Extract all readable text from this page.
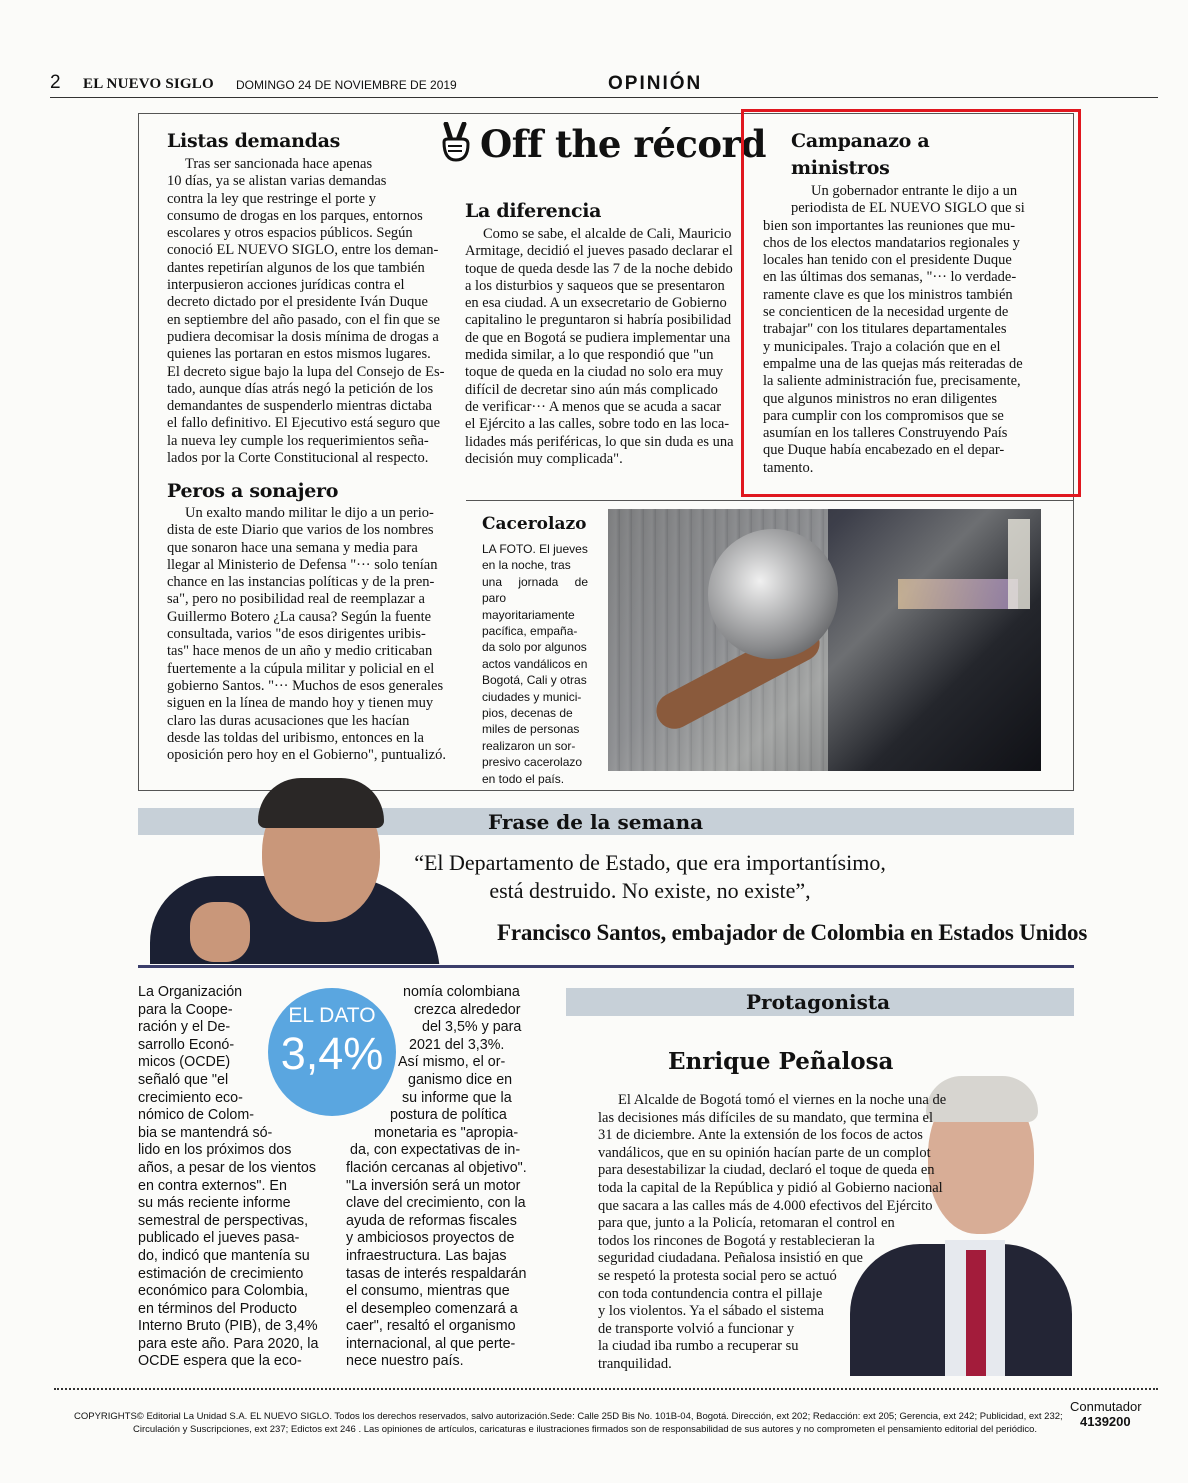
2 EL NUEVO SIGLO DOMINGO 24 DE NOVIEMBRE DE 2019	OPINIÓN
Off the récord
Listas demandas
Tras ser sancionada hace apenas
10 días, ya se alistan varias demandas
contra la ley que restringe el porte y
consumo de drogas en los parques, entornos
escolares y otros espacios públicos. Según
conoció EL NUEVO SIGLO, entre los deman-
dantes repetirían algunos de los que también
interpusieron acciones jurídicas contra el
decreto dictado por el presidente Iván Duque
en septiembre del año pasado, con el fin que se
pudiera decomisar la dosis mínima de drogas a
quienes las portaran en estos mismos lugares.
El decreto sigue bajo la lupa del Consejo de Es-
tado, aunque días atrás negó la petición de los
demandantes de suspenderlo mientras dictaba
el fallo definitivo. El Ejecutivo está seguro que
la nueva ley cumple los requerimientos seña-
lados por la Corte Constitucional al respecto.
Peros a sonajero
Un exalto mando militar le dijo a un perio-
dista de este Diario que varios de los nombres
que sonaron hace una semana y media para
llegar al Ministerio de Defensa "··· solo tenían
chance en las instancias políticas y de la pren-
sa", pero no posibilidad real de reemplazar a
Guillermo Botero ¿La causa? Según la fuente
consultada, varios "de esos dirigentes uribis-
tas" hace menos de un año y medio criticaban
fuertemente a la cúpula militar y policial en el
gobierno Santos. "··· Muchos de esos generales
siguen en la línea de mando hoy y tienen muy
claro las duras acusaciones que les hacían
desde las toldas del uribismo, entonces en la
oposición pero hoy en el Gobierno", puntualizó.
La diferencia
Como se sabe, el alcalde de Cali, Mauricio
Armitage, decidió el jueves pasado declarar el
toque de queda desde las 7 de la noche debido
a los disturbios y saqueos que se presentaron
en esa ciudad. A un exsecretario de Gobierno
capitalino le preguntaron si habría posibilidad
de que en Bogotá se pudiera implementar una
medida similar, a lo que respondió que "un
toque de queda en la ciudad no solo era muy
difícil de decretar sino aún más complicado
de verificar··· A menos que se acuda a sacar
el Ejército a las calles, sobre todo en las loca-
lidades más periféricas, lo que sin duda es una
decisión muy complicada".
Campanazo a
ministros
Un gobernador entrante le dijo a un
periodista de EL NUEVO SIGLO que si
bien son importantes las reuniones que mu-
chos de los electos mandatarios regionales y
locales han tenido con el presidente Duque
en las últimas dos semanas, "··· lo verdade-
ramente clave es que los ministros también
se concienticen de la necesidad urgente de
trabajar" con los titulares departamentales
y municipales. Trajo a colación que en el
empalme una de las quejas más reiteradas de
la saliente administración fue, precisamente,
que algunos ministros no eran diligentes
para cumplir con los compromisos que se
asumían en los talleres Construyendo País
que Duque había encabezado en el depar-
tamento.
Cacerolazo
LA FOTO. El jueves
en la noche, tras
una jornada de paro
mayoritariamente
pacífica, empaña-
da solo por algunos
actos vandálicos en
Bogotá, Cali y otras
ciudades y munici-
pios, decenas de
miles de personas
realizaron un sor-
presivo cacerolazo
en todo el país.
Frase de la semana
“El Departamento de Estado, que era importantísimo,
está destruido. No existe, no existe”,
Francisco Santos, embajador de Colombia en Estados Unidos
La Organización
para la Coope-
ración y el De-
sarrollo Econó-
micos (OCDE)
señaló que "el
crecimiento eco-
nómico de Colom-
bia se mantendrá só-
lido en los próximos dos
años, a pesar de los vientos
en contra externos". En
su más reciente informe
semestral de perspectivas,
publicado el jueves pasa-
do, indicó que mantenía su
estimación de crecimiento
económico para Colombia,
en términos del Producto
Interno Bruto (PIB), de 3,4%
para este año. Para 2020, la
OCDE espera que la eco-
EL DATO
3,4%
nomía colombiana
crezca alrededor
del 3,5% y para
2021 del 3,3%.
Así mismo, el or-
ganismo dice en
su informe que la
postura de política
monetaria es "apropia-
da, con expectativas de in-
flación cercanas al objetivo".
"La inversión será un motor
clave del crecimiento, con la
ayuda de reformas fiscales
y ambiciosos proyectos de
infraestructura. Las bajas
tasas de interés respaldarán
el consumo, mientras que
el desempleo comenzará a
caer", resaltó el organismo
internacional, al que perte-
nece nuestro país.
Protagonista
Enrique Peñalosa
El Alcalde de Bogotá tomó el viernes en la noche una de
las decisiones más difíciles de su mandato, que termina el
31 de diciembre. Ante la extensión de los focos de actos
vandálicos, que en su opinión hacían parte de un complot
para desestabilizar la ciudad, declaró el toque de queda en
toda la capital de la República y pidió al Gobierno nacional
que sacara a las calles más de 4.000 efectivos del Ejército
para que, junto a la Policía, retomaran el control en
todos los rincones de Bogotá y restablecieran la
seguridad ciudadana. Peñalosa insistió en que
se respetó la protesta social pero se actuó
con toda contundencia contra el pillaje
y los violentos. Ya el sábado el sistema
de transporte volvió a funcionar y
la ciudad iba rumbo a recuperar su
tranquilidad.
COPYRIGHTS© Editorial La Unidad S.A. EL NUEVO SIGLO. Todos los derechos reservados, salvo autorización.Sede: Calle 25D Bis No. 101B-04, Bogotá. Dirección, ext 202; Redacción: ext 205; Gerencia, ext 242; Publicidad, ext 232;
Circulación y Suscripciones, ext 237; Edictos ext 246 . Las opiniones de artículos, caricaturas e ilustraciones firmados son de responsabilidad de sus autores y no comprometen el pensamiento editorial del periódico.
Conmutador
4139200
